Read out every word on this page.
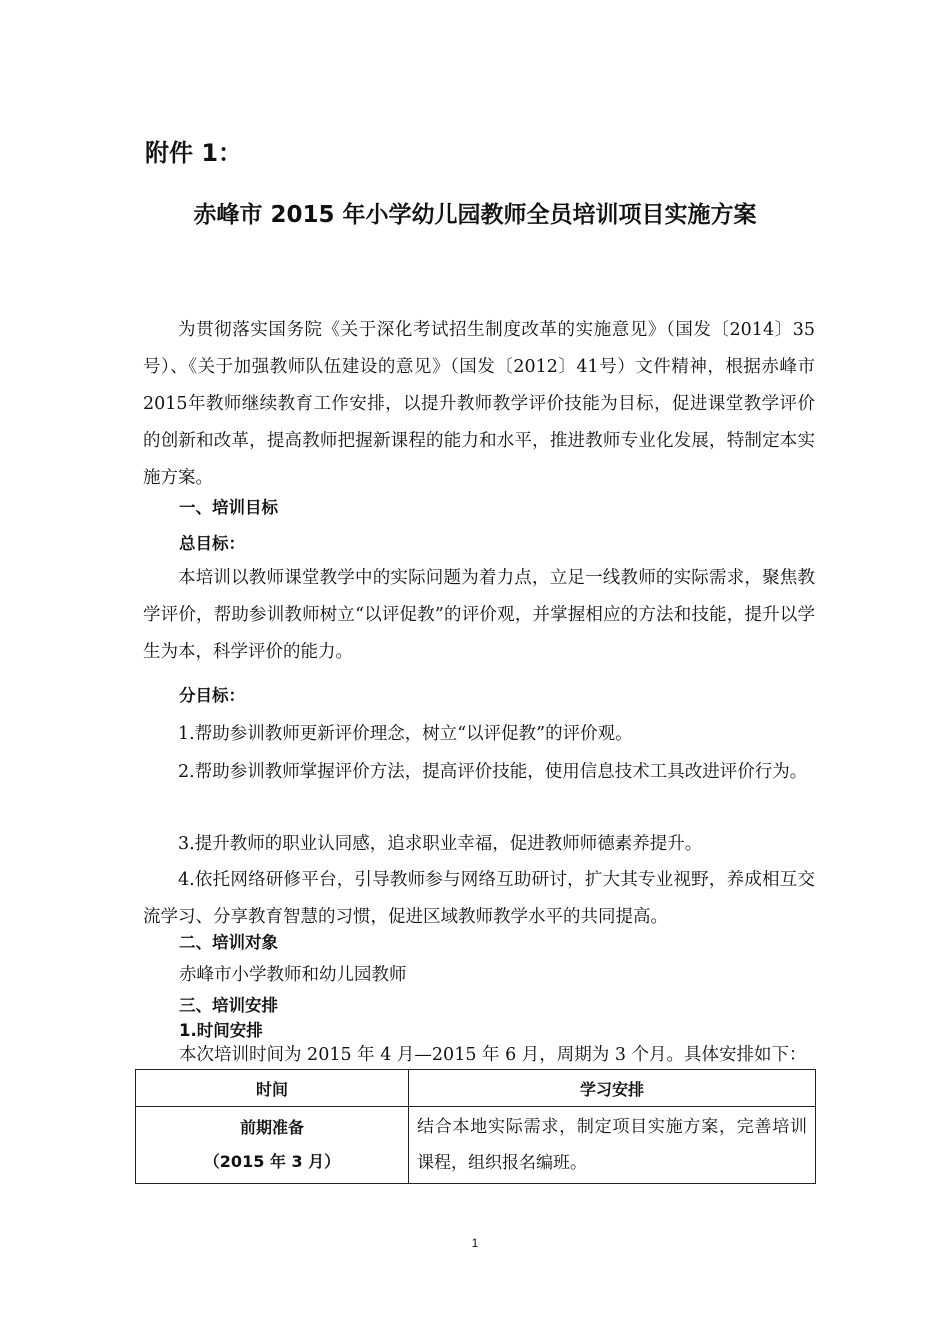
附件 1：
赤峰市 2015 年小学幼儿园教师全员培训项目实施方案

为贯彻落实国务院《关于深化考试招生制度改革的实施意见》（国发〔2014〕35号）、《关于加强教师队伍建设的意见》（国发〔2012〕41号）文件精神，根据赤峰市2015年教师继续教育工作安排，以提升教师教学评价技能为目标，促进课堂教学评价的创新和改革，提高教师把握新课程的能力和水平，推进教师专业化发展，特制定本实施方案。

一、培训目标

总目标：

本培训以教师课堂教学中的实际问题为着力点，立足一线教师的实际需求，聚焦教学评价，帮助参训教师树立“以评促教”的评价观，并掌握相应的方法和技能，提升以学生为本，科学评价的能力。

分目标：

1.帮助参训教师更新评价理念，树立“以评促教”的评价观。

2.帮助参训教师掌握评价方法，提高评价技能，使用信息技术工具改进评价行为。

3.提升教师的职业认同感，追求职业幸福，促进教师师德素养提升。

4.依托网络研修平台，引导教师参与网络互助研讨，扩大其专业视野，养成相互交流学习、分享教育智慧的习惯，促进区域教师教学水平的共同提高。

二、培训对象

赤峰市小学教师和幼儿园教师

三、培训安排

1.时间安排

本次培训时间为 2015 年 4 月—2015 年 6 月，周期为 3 个月。具体安排如下：

时间	学习安排

前期准备
（2015 年 3 月）	结合本地实际需求，制定项目实施方案，完善培训课程，组织报名编班。
1
